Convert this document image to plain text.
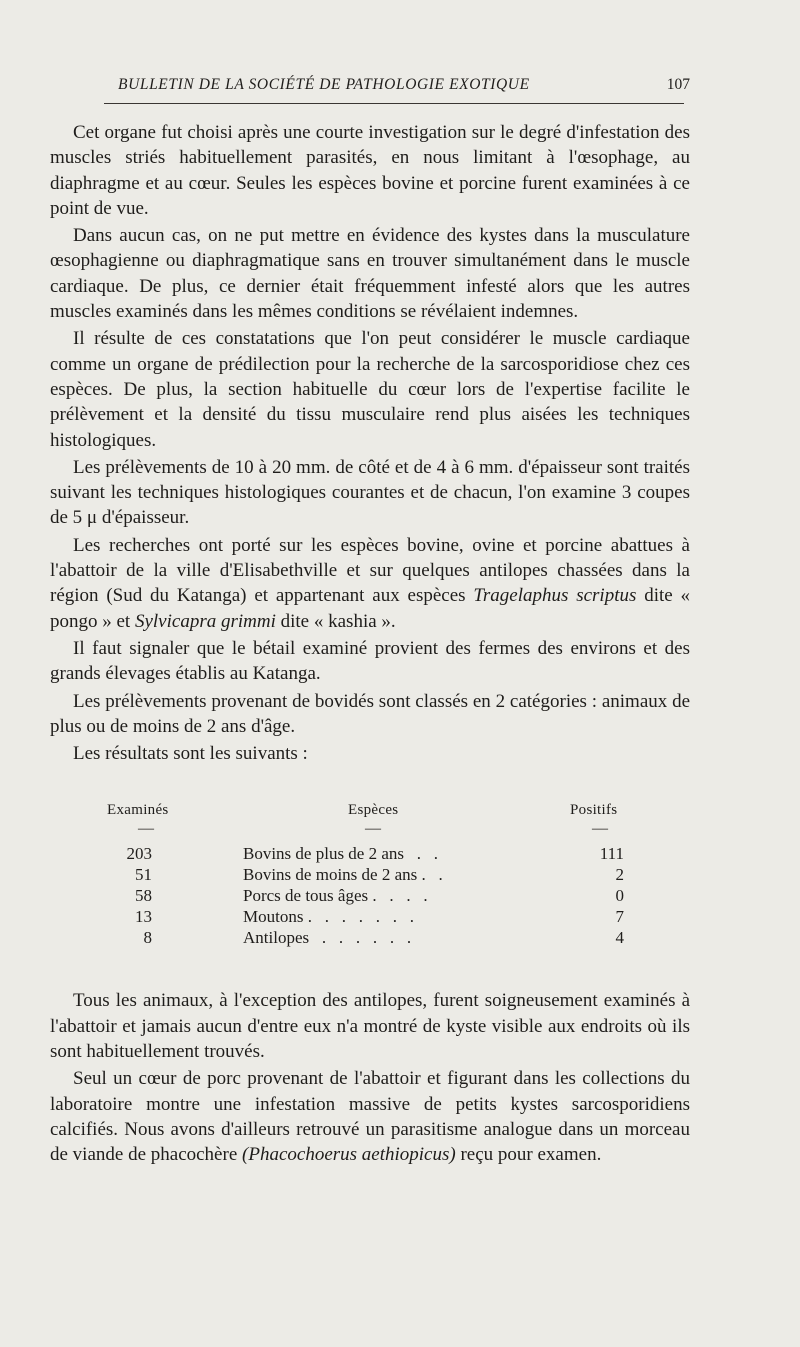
BULLETIN DE LA SOCIÉTÉ DE PATHOLOGIE EXOTIQUE	107

Cet organe fut choisi après une courte investigation sur le degré d'infestation des muscles striés habituellement parasités, en nous limitant à l'œsophage, au diaphragme et au cœur. Seules les espèces bovine et porcine furent examinées à ce point de vue.

Dans aucun cas, on ne put mettre en évidence des kystes dans la musculature œsophagienne ou diaphragmatique sans en trouver simultanément dans le muscle cardiaque. De plus, ce dernier était fréquemment infesté alors que les autres muscles examinés dans les mêmes conditions se révélaient indemnes.

Il résulte de ces constatations que l'on peut considérer le muscle cardiaque comme un organe de prédilection pour la recherche de la sarcosporidiose chez ces espèces. De plus, la section habituelle du cœur lors de l'expertise facilite le prélèvement et la densité du tissu musculaire rend plus aisées les techniques histologiques.

Les prélèvements de 10 à 20 mm. de côté et de 4 à 6 mm. d'épaisseur sont traités suivant les techniques histologiques courantes et de chacun, l'on examine 3 coupes de 5 μ d'épaisseur.

Les recherches ont porté sur les espèces bovine, ovine et porcine abattues à l'abattoir de la ville d'Elisabethville et sur quelques antilopes chassées dans la région (Sud du Katanga) et appartenant aux espèces Tragelaphus scriptus dite « pongo » et Sylvicapra grimmi dite « kashia ».

Il faut signaler que le bétail examiné provient des fermes des environs et des grands élevages établis au Katanga.

Les prélèvements provenant de bovidés sont classés en 2 catégories : animaux de plus ou de moins de 2 ans d'âge.

Les résultats sont les suivants :

Examinés	Espèces	Positifs
—	—	—
203	Bovins de plus de 2 ans   .   .	111
51	Bovins de moins de 2 ans .   .	2
58	Porcs de tous âges .   .   .   .	0
13	Moutons .   .   .   .   .   .   .	7
8	Antilopes   .   .   .   .   .   .	4

Tous les animaux, à l'exception des antilopes, furent soigneusement examinés à l'abattoir et jamais aucun d'entre eux n'a montré de kyste visible aux endroits où ils sont habituellement trouvés.

Seul un cœur de porc provenant de l'abattoir et figurant dans les collections du laboratoire montre une infestation massive de petits kystes sarcosporidiens calcifiés. Nous avons d'ailleurs retrouvé un parasitisme analogue dans un morceau de viande de phacochère (Phacochoerus aethiopicus) reçu pour examen.
